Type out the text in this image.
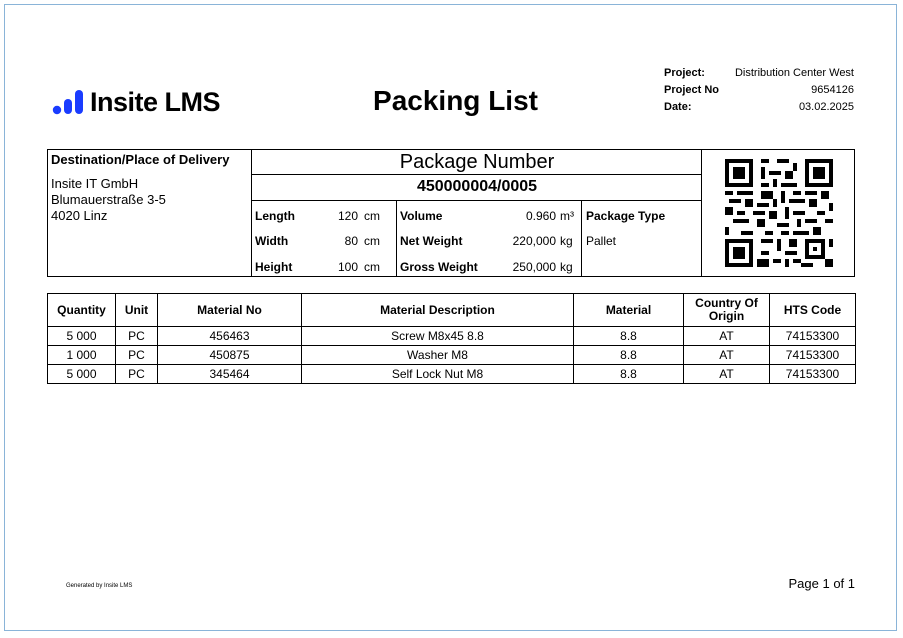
Insite LMS	Packing List
Project:	Distribution Center West
Project No	9654126
Date:	03.02.2025
Destination/Place of Delivery
Insite IT GmbH
Blumauerstraße 3-5
4020 Linz
Package Number
450000004/0005
Length	120 cm
Width	80 cm
Height	100 cm
Volume	0.960 m³
Net Weight	220,000 kg
Gross Weight	250,000 kg
Package Type
Pallet
Quantity	Unit	Material No	Material Description	Material	Country Of Origin	HTS Code
5 000	PC	456463	Screw M8x45 8.8	8.8	AT	74153300
1 000	PC	450875	Washer M8	8.8	AT	74153300
5 000	PC	345464	Self Lock Nut M8	8.8	AT	74153300
Generated by Insite LMS	Page 1 of 1
